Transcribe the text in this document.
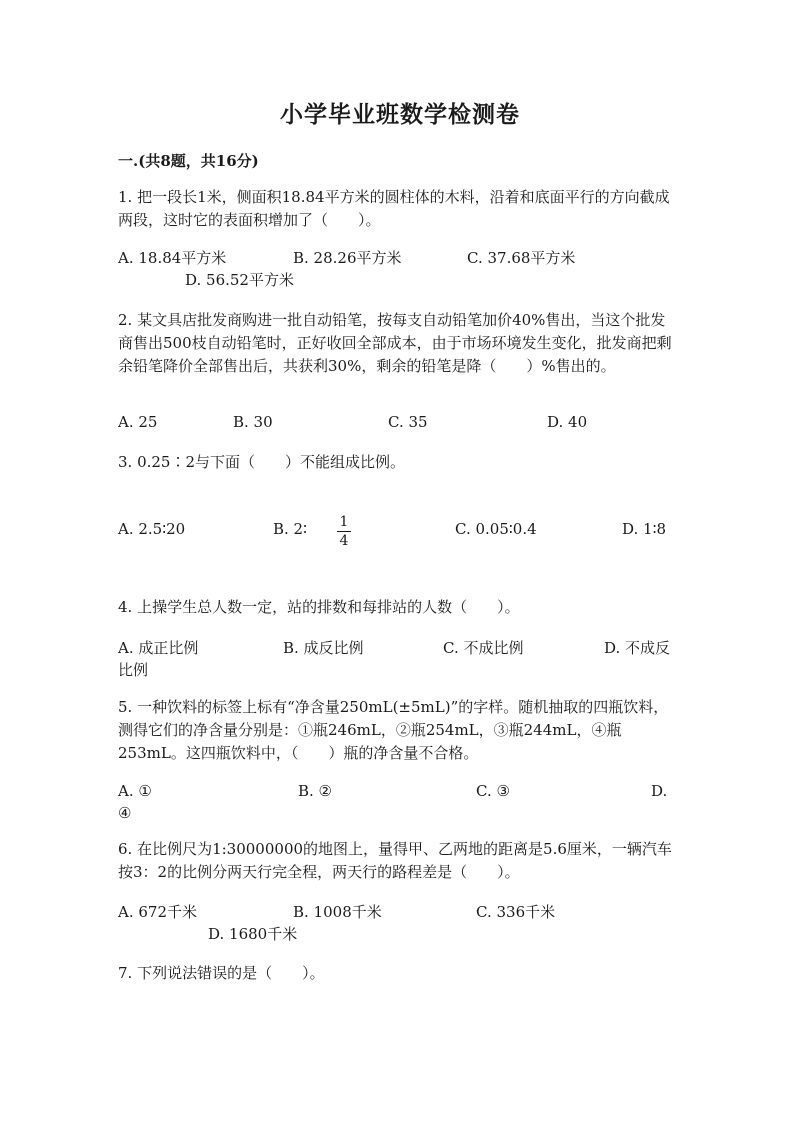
小学毕业班数学检测卷
一.(共8题，共16分)
1. 把一段长1米，侧面积18.84平方米的圆柱体的木料，沿着和底面平行的方向截成两段，这时它的表面积增加了（　　）。
A. 18.84平方米	B. 28.26平方米	C. 37.68平方米
D. 56.52平方米
2. 某文具店批发商购进一批自动铅笔，按每支自动铅笔加价40%售出，当这个批发商售出500枝自动铅笔时，正好收回全部成本，由于市场环境发生变化，批发商把剩余铅笔降价全部售出后，共获利30%，剩余的铅笔是降（　　）%售出的。
A. 25	B. 30	C. 35	D. 40
3. 0.25∶2与下面（　　）不能组成比例。
A. 2.5∶20	B. 2∶ 1
4
C. 0.05∶0.4	D. 1∶8
4. 上操学生总人数一定，站的排数和每排站的人数（　　）。
A. 成正比例	B. 成反比例	C. 不成比例	D. 不成反比例
5. 一种饮料的标签上标有“净含量250mL(±5mL)”的字样。随机抽取的四瓶饮料，测得它们的净含量分别是：①瓶246mL，②瓶254mL，③瓶244mL，④瓶253mL。这四瓶饮料中，（　　）瓶的净含量不合格。
A. ①	B. ②	C. ③	D. ④
6. 在比例尺为1:30000000的地图上，量得甲、乙两地的距离是5.6厘米，一辆汽车按3：2的比例分两天行完全程，两天行的路程差是（　　）。
A. 672千米	B. 1008千米	C. 336千米
D. 1680千米
7. 下列说法错误的是（　　）。
